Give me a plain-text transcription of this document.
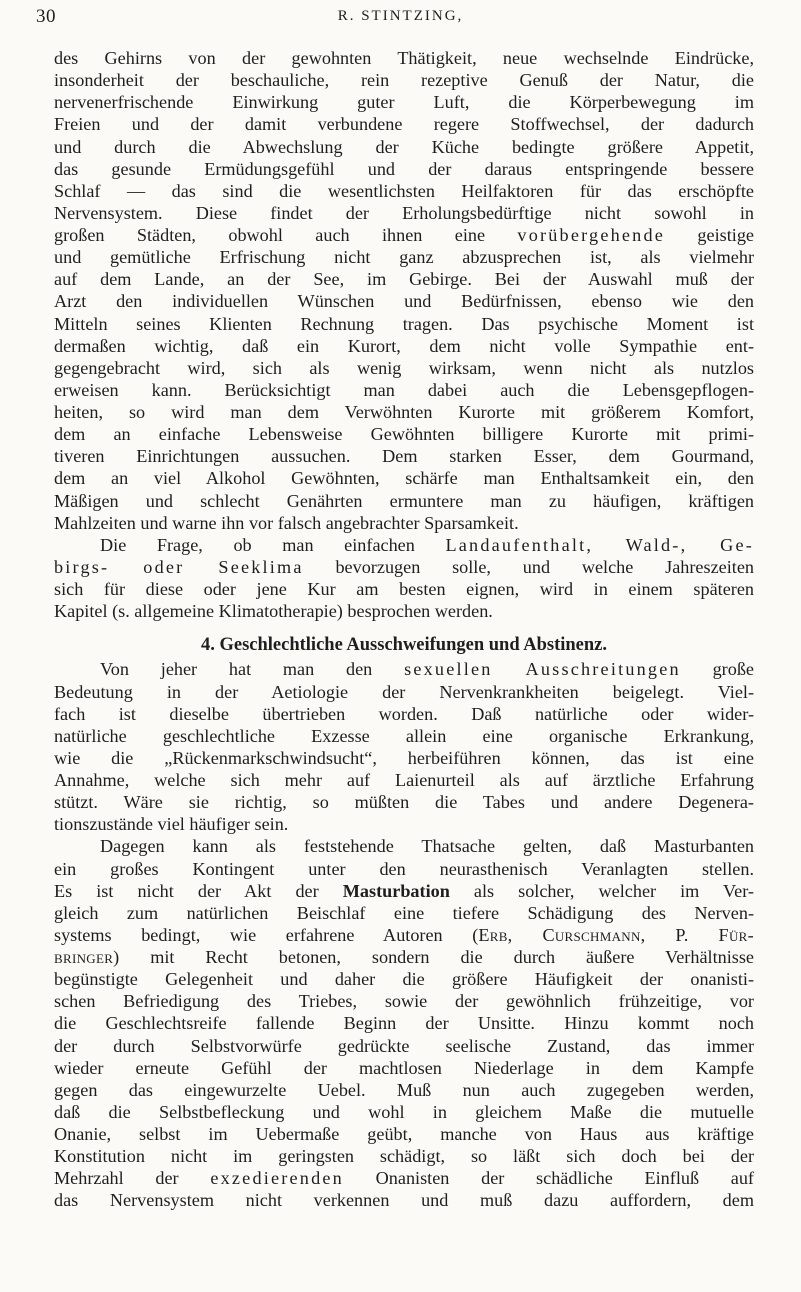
30	R. STINTZING,
des Gehirns von der gewohnten Thätigkeit, neue wechselnde Eindrücke,
insonderheit der beschauliche, rein rezeptive Genuß der Natur, die
nervenerfrischende Einwirkung guter Luft, die Körperbewegung im
Freien und der damit verbundene regere Stoffwechsel, der dadurch
und durch die Abwechslung der Küche bedingte größere Appetit,
das gesunde Ermüdungsgefühl und der daraus entspringende bessere
Schlaf — das sind die wesentlichsten Heilfaktoren für das erschöpfte
Nervensystem. Diese findet der Erholungsbedürftige nicht sowohl in
großen Städten, obwohl auch ihnen eine vorübergehende geistige
und gemütliche Erfrischung nicht ganz abzusprechen ist, als vielmehr
auf dem Lande, an der See, im Gebirge. Bei der Auswahl muß der
Arzt den individuellen Wünschen und Bedürfnissen, ebenso wie den
Mitteln seines Klienten Rechnung tragen. Das psychische Moment ist
dermaßen wichtig, daß ein Kurort, dem nicht volle Sympathie ent-
gegengebracht wird, sich als wenig wirksam, wenn nicht als nutzlos
erweisen kann. Berücksichtigt man dabei auch die Lebensgepflogen-
heiten, so wird man dem Verwöhnten Kurorte mit größerem Komfort,
dem an einfache Lebensweise Gewöhnten billigere Kurorte mit primi-
tiveren Einrichtungen aussuchen. Dem starken Esser, dem Gourmand,
dem an viel Alkohol Gewöhnten, schärfe man Enthaltsamkeit ein, den
Mäßigen und schlecht Genährten ermuntere man zu häufigen, kräftigen
Mahlzeiten und warne ihn vor falsch angebrachter Sparsamkeit.
Die Frage, ob man einfachen Landaufenthalt, Wald-, Ge-
birgs- oder Seeklima bevorzugen solle, und welche Jahreszeiten
sich für diese oder jene Kur am besten eignen, wird in einem späteren
Kapitel (s. allgemeine Klimatotherapie) besprochen werden.
4. Geschlechtliche Ausschweifungen und Abstinenz.
Von jeher hat man den sexuellen Ausschreitungen große
Bedeutung in der Aetiologie der Nervenkrankheiten beigelegt. Viel-
fach ist dieselbe übertrieben worden. Daß natürliche oder wider-
natürliche geschlechtliche Exzesse allein eine organische Erkrankung,
wie die „Rückenmarkschwindsucht“, herbeiführen können, das ist eine
Annahme, welche sich mehr auf Laienurteil als auf ärztliche Erfahrung
stützt. Wäre sie richtig, so müßten die Tabes und andere Degenera-
tionszustände viel häufiger sein.
Dagegen kann als feststehende Thatsache gelten, daß Masturbanten
ein großes Kontingent unter den neurasthenisch Veranlagten stellen.
Es ist nicht der Akt der Masturbation als solcher, welcher im Ver-
gleich zum natürlichen Beischlaf eine tiefere Schädigung des Nerven-
systems bedingt, wie erfahrene Autoren (Erb, Curschmann, P. Für-
bringer) mit Recht betonen, sondern die durch äußere Verhältnisse
begünstigte Gelegenheit und daher die größere Häufigkeit der onanisti-
schen Befriedigung des Triebes, sowie der gewöhnlich frühzeitige, vor
die Geschlechtsreife fallende Beginn der Unsitte. Hinzu kommt noch
der durch Selbstvorwürfe gedrückte seelische Zustand, das immer
wieder erneute Gefühl der machtlosen Niederlage in dem Kampfe
gegen das eingewurzelte Uebel. Muß nun auch zugegeben werden,
daß die Selbstbefleckung und wohl in gleichem Maße die mutuelle
Onanie, selbst im Uebermaße geübt, manche von Haus aus kräftige
Konstitution nicht im geringsten schädigt, so läßt sich doch bei der
Mehrzahl der exzedierenden Onanisten der schädliche Einfluß auf
das Nervensystem nicht verkennen und muß dazu auffordern, dem
